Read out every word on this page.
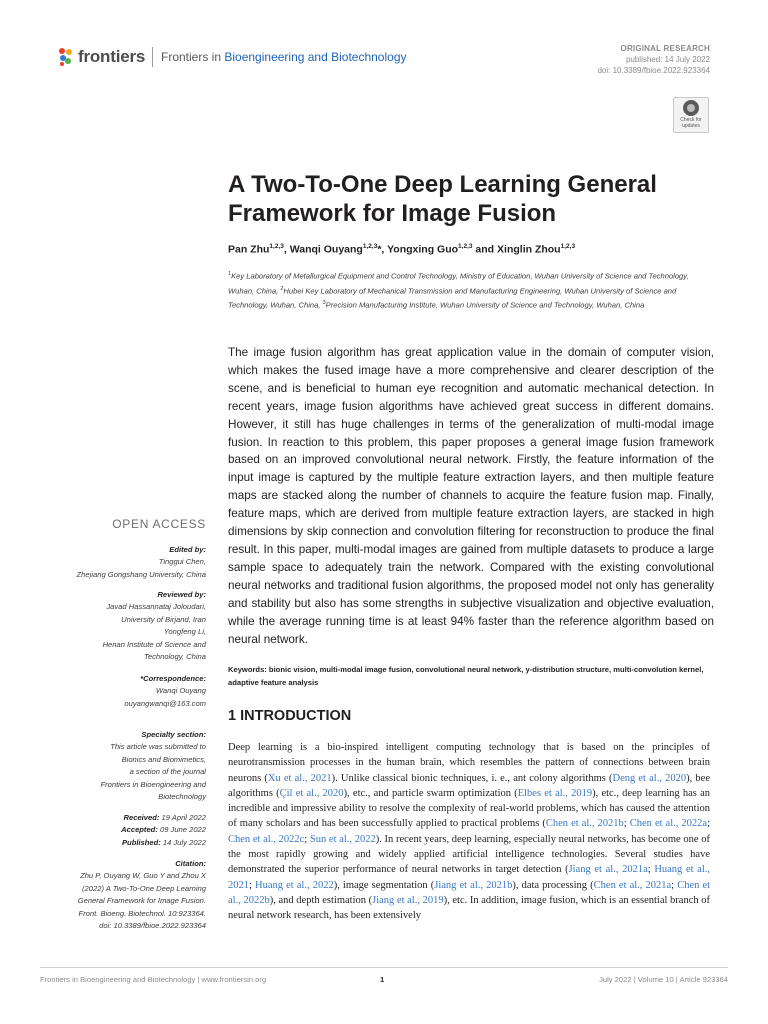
frontiers Frontiers in Bioengineering and Biotechnology
ORIGINAL RESEARCH
published: 14 July 2022
doi: 10.3389/fbioe.2022.923364
Check for updates
A Two-To-One Deep Learning General Framework for Image Fusion
Pan Zhu$^{1,2,3}$, Wanqi Ouyang$^{1,2,3}$*, Yongxing Guo$^{1,2,3}$ and Xinglin Zhou$^{1,2,3}$

$^1$Key Laboratory of Metallurgical Equipment and Control Technology, Ministry of Education, Wuhan University of Science and Technology, Wuhan, China, $^2$Hubei Key Laboratory of Mechanical Transmission and Manufacturing Engineering, Wuhan University of Science and Technology, Wuhan, China, $^3$Precision Manufacturing Institute, Wuhan University of Science and Technology, Wuhan, China

The image fusion algorithm has great application value in the domain of computer vision, which makes the fused image have a more comprehensive and clearer description of the scene, and is beneficial to human eye recognition and automatic mechanical detection. In recent years, image fusion algorithms have achieved great success in different domains. However, it still has huge challenges in terms of the generalization of multi-modal image fusion. In reaction to this problem, this paper proposes a general image fusion framework based on an improved convolutional neural network. Firstly, the feature information of the input image is captured by the multiple feature extraction layers, and then multiple feature maps are stacked along the number of channels to acquire the feature fusion map. Finally, feature maps, which are derived from multiple feature extraction layers, are stacked in high dimensions by skip connection and convolution filtering for reconstruction to produce the final result. In this paper, multi-modal images are gained from multiple datasets to produce a large sample space to adequately train the network. Compared with the existing convolutional neural networks and traditional fusion algorithms, the proposed model not only has generality and stability but also has some strengths in subjective visualization and objective evaluation, while the average running time is at least 94% faster than the reference algorithm based on neural network.

Keywords: bionic vision, multi-modal image fusion, convolutional neural network, y-distribution structure, multi-convolution kernel, adaptive feature analysis

1 INTRODUCTION

Deep learning is a bio-inspired intelligent computing technology that is based on the principles of neurotransmission processes in the human brain, which resembles the pattern of connections between brain neurons (Xu et al., 2021). Unlike classical bionic techniques, i. e., ant colony algorithms (Deng et al., 2020), bee algorithms (Çil et al., 2020), etc., and particle swarm optimization (Elbes et al., 2019), etc., deep learning has an incredible and impressive ability to resolve the complexity of real-world problems, which has caused the attention of many scholars and has been successfully applied to practical problems (Chen et al., 2021b; Chen et al., 2022a; Chen et al., 2022c; Sun et al., 2022). In recent years, deep learning, especially neural networks, has become one of the most rapidly growing and widely applied artificial intelligence technologies. Several studies have demonstrated the superior performance of neural networks in target detection (Jiang et al., 2021a; Huang et al., 2021; Huang et al., 2022), image segmentation (Jiang et al., 2021b), data processing (Chen et al., 2021a; Chen et al., 2022b), and depth estimation (Jiang et al., 2019), etc. In addition, image fusion, which is an essential branch of neural network research, has been extensively

OPEN ACCESS
Edited by:
Tinggui Chen,
Zhejiang Gongshang University, China
Reviewed by:
Javad Hassannataj Joloudari,
University of Birjand, Iran
Yongfeng Li,
Henan Institute of Science and
Technology, China
*Correspondence:
Wanqi Ouyang
ouyangwanqi@163.com
Specialty section:
This article was submitted to
Bionics and Biomimetics,
a section of the journal
Frontiers in Bioengineering and
Biotechnology
Received: 19 April 2022
Accepted: 09 June 2022
Published: 14 July 2022
Citation:
Zhu P, Ouyang W, Guo Y and Zhou X
(2022) A Two-To-One Deep Learning
General Framework for Image Fusion.
Front. Bioeng. Biotechnol. 10:923364.
doi: 10.3389/fbioe.2022.923364
Frontiers in Bioengineering and Biotechnology | www.frontiersin.org	1	July 2022 | Volume 10 | Article 923364
